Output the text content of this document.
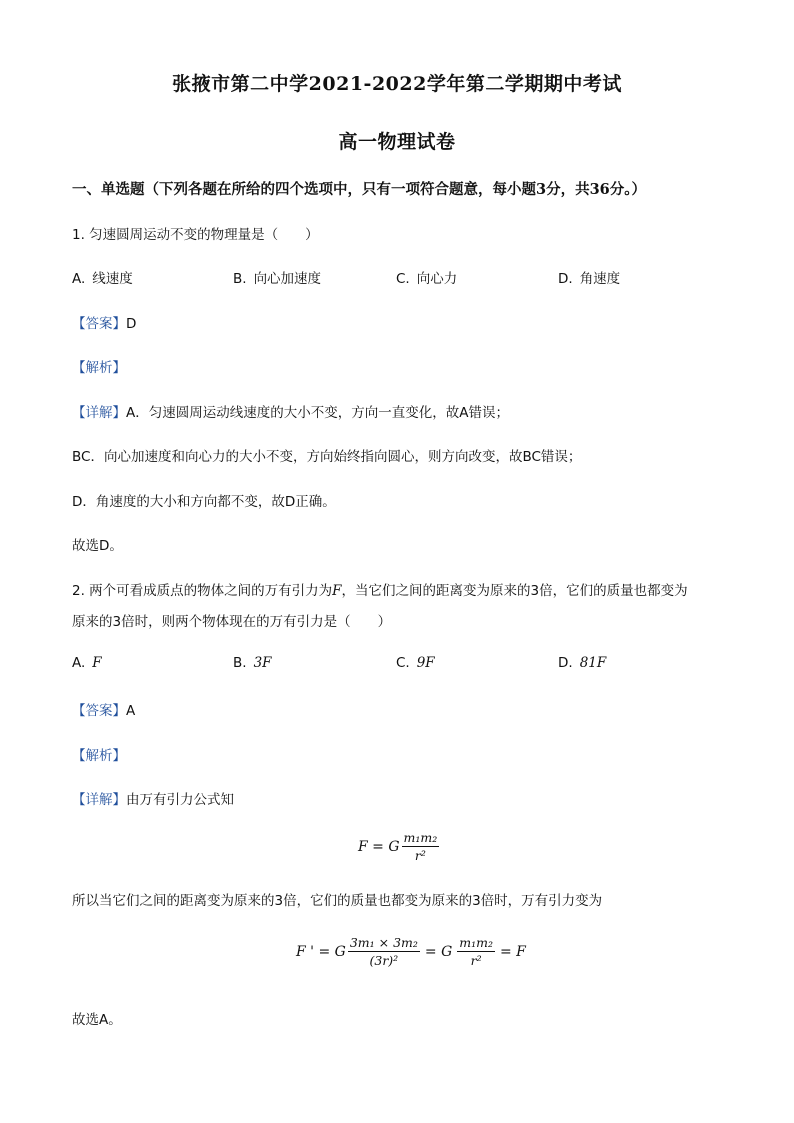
张掖市第二中学2021-2022学年第二学期期中考试
高一物理试卷
一、单选题（下列各题在所给的四个选项中，只有一项符合题意，每小题3分，共36分。）
1. 匀速圆周运动不变的物理量是（　　）
A. 线速度	B. 向心加速度	C. 向心力	D. 角速度
【答案】D
【解析】
【详解】A．匀速圆周运动线速度的大小不变，方向一直变化，故A错误；
BC．向心加速度和向心力的大小不变，方向始终指向圆心，则方向改变，故BC错误；
D．角速度的大小和方向都不变，故D正确。
故选D。
2. 两个可看成质点的物体之间的万有引力为F，当它们之间的距离变为原来的3倍，它们的质量也都变为
原来的3倍时，则两个物体现在的万有引力是（　　）
A. F	B. 3F	C. 9F	D. 81F
【答案】A
【解析】
【详解】由万有引力公式知
F = G $\frac{\text{m₁m₂}}{\text{r²}}$
所以当它们之间的距离变为原来的3倍，它们的质量也都变为原来的3倍时，万有引力变为
F ' = G $\frac{\text{3m₁ × 3m₂}}{\text{(3r)²}} = G \frac{\text{m₁m₂}}{\text{r²}} = F$
故选A。
